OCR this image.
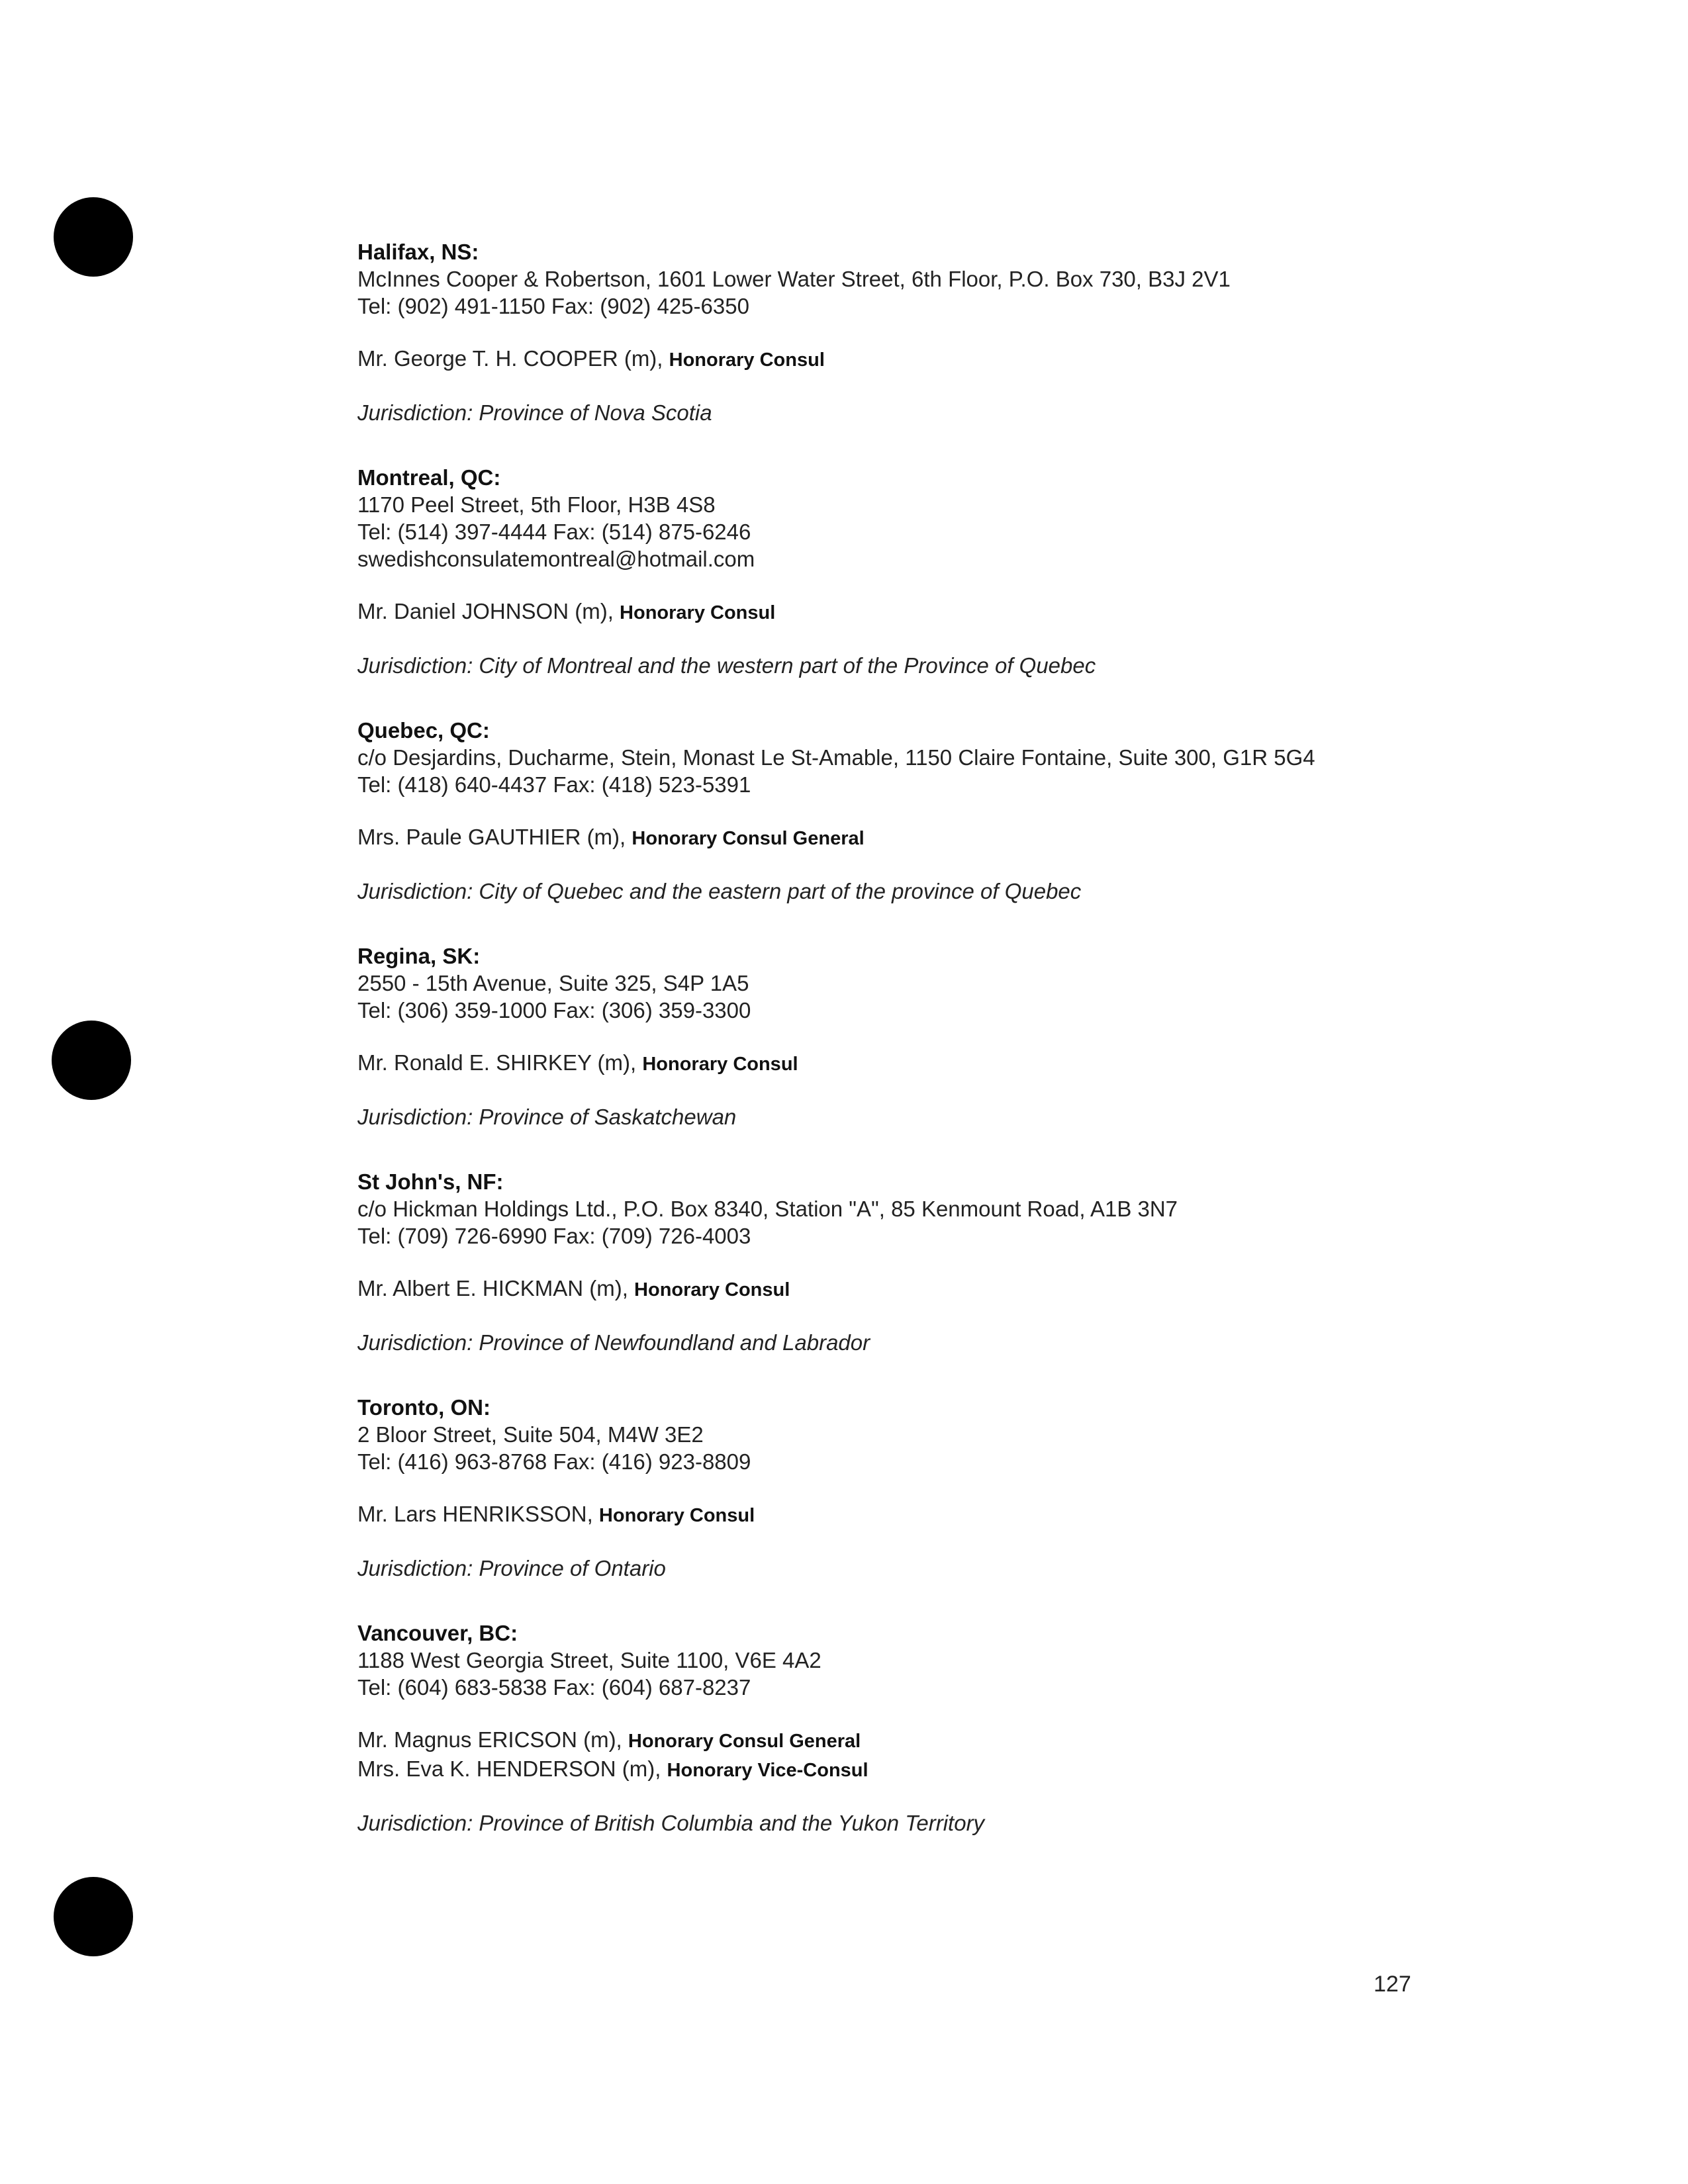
Halifax, NS:
McInnes Cooper & Robertson, 1601 Lower Water Street, 6th Floor, P.O. Box 730, B3J 2V1
Tel: (902) 491-1150 Fax: (902) 425-6350
Mr. George T. H. COOPER (m), Honorary Consul
Jurisdiction: Province of Nova Scotia
Montreal, QC:
1170 Peel Street, 5th Floor, H3B 4S8
Tel: (514) 397-4444 Fax: (514) 875-6246
swedishconsulatemontreal@hotmail.com
Mr. Daniel JOHNSON (m), Honorary Consul
Jurisdiction: City of Montreal and the western part of the Province of Quebec
Quebec, QC:
c/o Desjardins, Ducharme, Stein, Monast Le St-Amable, 1150 Claire Fontaine, Suite 300, G1R 5G4
Tel: (418) 640-4437 Fax: (418) 523-5391
Mrs. Paule GAUTHIER (m), Honorary Consul General
Jurisdiction: City of Quebec and the eastern part of the province of Quebec
Regina, SK:
2550 - 15th Avenue, Suite 325, S4P 1A5
Tel: (306) 359-1000 Fax: (306) 359-3300
Mr. Ronald E. SHIRKEY (m), Honorary Consul
Jurisdiction: Province of Saskatchewan
St John's, NF:
c/o Hickman Holdings Ltd., P.O. Box 8340, Station "A", 85 Kenmount Road, A1B 3N7
Tel: (709) 726-6990 Fax: (709) 726-4003
Mr. Albert E. HICKMAN (m), Honorary Consul
Jurisdiction: Province of Newfoundland and Labrador
Toronto, ON:
2 Bloor Street, Suite 504, M4W 3E2
Tel: (416) 963-8768 Fax: (416) 923-8809
Mr. Lars HENRIKSSON, Honorary Consul
Jurisdiction: Province of Ontario
Vancouver, BC:
1188 West Georgia Street, Suite 1100, V6E 4A2
Tel: (604) 683-5838 Fax: (604) 687-8237
Mr. Magnus ERICSON (m), Honorary Consul General
Mrs. Eva K. HENDERSON (m), Honorary Vice-Consul
Jurisdiction: Province of British Columbia and the Yukon Territory
127
